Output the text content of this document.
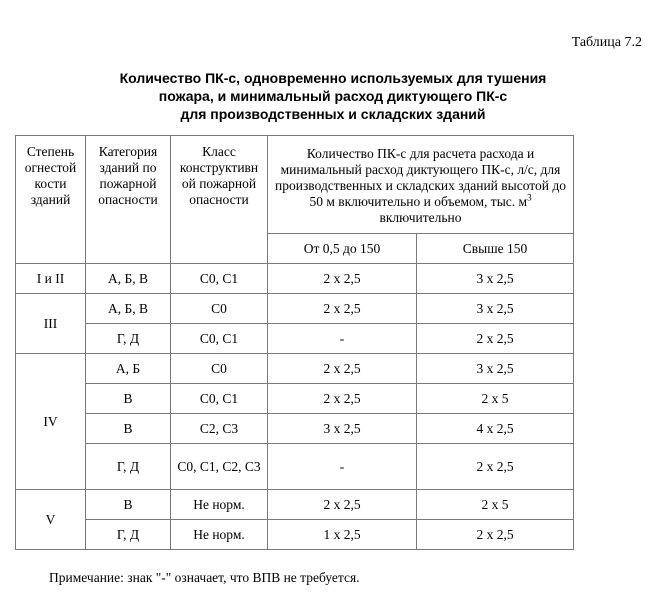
Таблица 7.2
Количество ПК-с, одновременно используемых для тушения
пожара, и минимальный расход диктующего ПК-с
для производственных и складских зданий
Степень огнестой кости зданий	Категория зданий по пожарной опасности	Класс конструктивн ой пожарной опасности	Количество ПК-с для расчета расхода и минимальный расход диктующего ПК-с, л/с, для производственных и складских зданий высотой до 50 м включительно и объемом, тыс. $м^3$ включительно	
			От 0,5 до 150	Свыше 150
I и II	А, Б, В	С0, С1	2 х 2,5	3 х 2,5
III	А, Б, В	С0	2 х 2,5	3 х 2,5
	Г, Д	С0, С1	-	2 х 2,5
IV	А, Б	С0	2 х 2,5	3 х 2,5
	В	С0, С1	2 х 2,5	2 х 5
	В	С2, С3	3 х 2,5	4 х 2,5
	Г, Д	С0, С1, С2, С3	-	2 х 2,5
V	В	Не норм.	2 х 2,5	2 х 5
	Г, Д	Не норм.	1 х 2,5	2 х 2,5
Примечание: знак "-" означает, что ВПВ не требуется.
